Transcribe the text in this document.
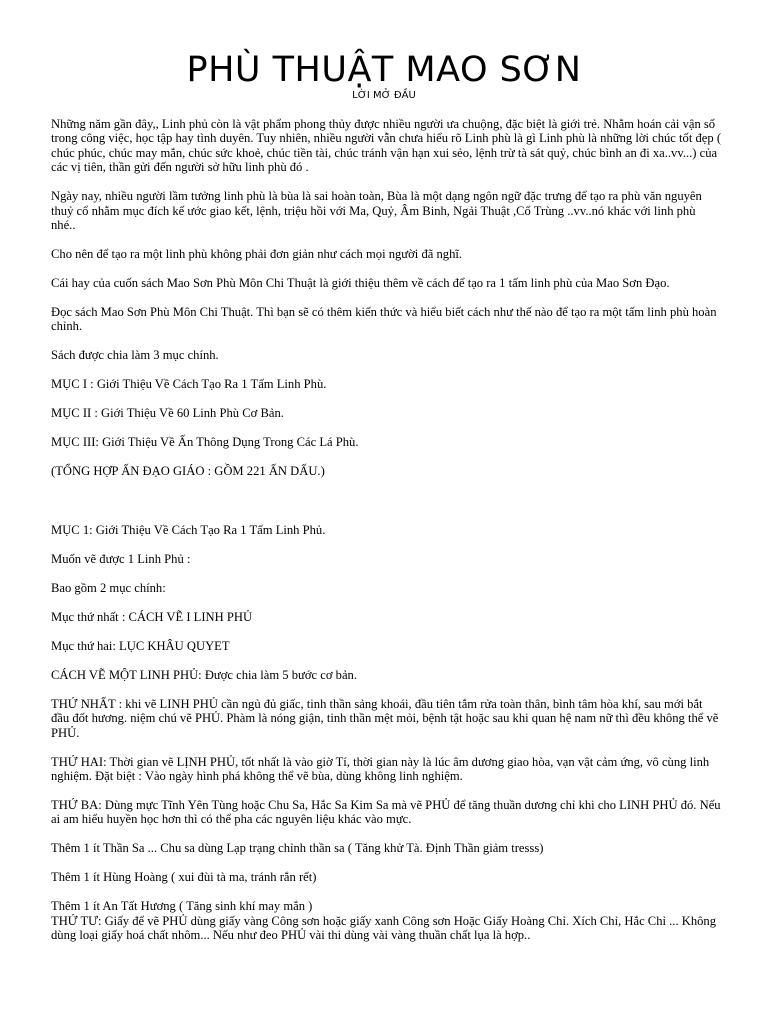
PHÙ THUẬT MAO SƠN
LỜI MỞ ĐẦU

Những năm gần đây,, Linh phủ còn là vật phẩm phong thủy được nhiều người ưa chuộng, đặc biệt là giới trẻ. Nhằm hoán cải vận số trong công việc, học tập hay tình duyên. Tuy nhiên, nhiều người vẫn chưa hiểu rõ Linh phù là gì Linh phù là những lời chúc tốt đẹp ( chúc phúc, chúc may mắn, chúc sức khoẻ, chúc tiền tài, chúc tránh vận hạn xui sẻo, lệnh trừ tà sát quỷ, chúc bình an đi xa..vv...) của các vị tiên, thần gửi đến người sở hữu linh phù đó .

Ngày nay, nhiều người lầm tưởng linh phù là bùa là sai hoàn toàn, Bùa là một dạng ngôn ngữ đặc trưng để tạo ra phù văn nguyên thuỷ cổ nhằm mục đích kế ước giao kết, lệnh, triệu hồi với Ma, Quỷ, Âm Binh, Ngải Thuật ,Cổ Trùng ..vv..nó khác với linh phù nhé..

Cho nên để tạo ra một linh phù không phải đơn giản như cách mọi người đã nghĩ.

Cái hay của cuốn sách Mao Sơn Phù Môn Chi Thuật là giới thiệu thêm về cách để tạo ra 1 tấm linh phù của Mao Sơn Đạo.

Đọc sách Mao Sơn Phù Môn Chi Thuật. Thì bạn sẽ có thêm kiến thức và hiểu biết cách như thế nào để tạo ra một tấm linh phù hoàn chỉnh.

Sách được chia làm 3 mục chính.

MỤC I : Giới Thiệu Về Cách Tạo Ra 1 Tấm Linh Phù.

MỤC II : Giới Thiệu Về 60 Linh Phù Cơ Bản.

MỤC III: Giới Thiệu Về Ấn Thông Dụng Trong Các Lá Phù.

(TỔNG HỢP ẤN ĐẠO GIÁO : GỒM 221 ẤN DẤU.)

MỤC 1: Giới Thiệu Về Cách Tạo Ra 1 Tấm Linh Phủ.

Muốn vẽ được 1 Linh Phủ :

Bao gồm 2 mục chính:

Mục thứ nhất : CÁCH VẼ I LINH PHỦ

Mục thứ hai: LỤC KHÂU QUYET

CÁCH VẼ MỘT LINH PHỦ: Được chia làm 5 bước cơ bản.

THỨ NHẤT : khi vẽ LINH PHỦ cần ngủ đủ giấc, tinh thần sảng khoái, đầu tiên tắm rửa toàn thân, bình tâm hòa khí, sau mới bắt đầu đốt hương. niệm chú vẽ PHỦ. Phàm là nóng giận, tinh thần mệt mỏi, bệnh tật hoặc sau khi quan hệ nam nữ thì đều không thể vẽ PHỦ.

THỨ HAI: Thời gian vẽ LỊNH PHỦ, tốt nhất là vào giờ Tí, thời gian này là lúc âm dương giao hòa, vạn vật cảm ứng, vô cùng linh nghiệm. Đặt biệt : Vào ngày hình phá không thể vẽ bùa, dùng không linh nghiệm.

THỨ BA: Dùng mực Tĩnh Yên Tùng hoặc Chu Sa, Hắc Sa Kim Sa mà vẽ PHỦ để tăng thuần dương chỉ khi cho LINH PHỦ đó. Nếu ai am hiểu huyền học hơn thì có thể pha các nguyên liệu khác vào mực.

Thêm 1 ít Thần Sa ... Chu sa dùng Lạp trạng chỉnh thần sa ( Tăng khử Tà. Định Thần giảm tresss)

Thêm 1 ít Hùng Hoàng ( xui đùi tà ma, tránh rắn rết)

Thêm 1 ít An Tất Hương ( Tăng sinh khí may mắn )

THỨ TƯ: Giấy để vẽ PHỦ dùng giấy vàng Công sơn hoặc giấy xanh Công sơn Hoặc Giấy Hoàng Chỉ. Xích Chỉ, Hắc Chỉ ... Không dùng loại giấy hoá chất nhôm... Nếu như đeo PHỦ vài thi dùng vài vàng thuần chất lụa là hợp..
